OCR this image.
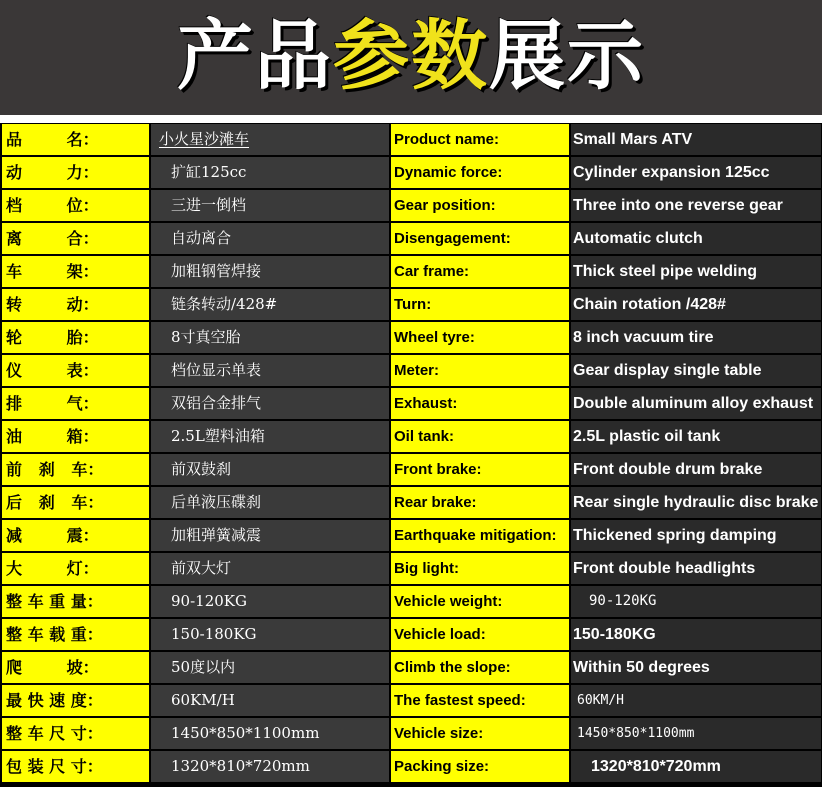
产品参数展示
品        名：	小火星沙滩车	Product name:	Small Mars ATV
动        力：	扩缸125cc	Dynamic force:	Cylinder expansion 125cc
档        位：	三进一倒档	Gear position:	Three into one reverse gear
离        合：	自动离合	Disengagement:	Automatic clutch
车        架：	加粗钢管焊接	Car frame:	Thick steel pipe welding
转        动：	链条转动/428#	Turn:	Chain rotation /428#
轮        胎：	8寸真空胎	Wheel tyre:	8 inch vacuum tire
仪        表：	档位显示单表	Meter:	Gear display single table
排        气：	双铝合金排气	Exhaust:	Double aluminum alloy exhaust
油        箱：	2.5L塑料油箱	Oil tank:	2.5L plastic oil tank
前   刹   车：	前双鼓刹	Front brake:	Front double drum brake
后   刹   车：	后单液压碟刹	Rear brake:	Rear single hydraulic disc brake
减        震：	加粗弹簧减震	Earthquake mitigation:	Thickened spring damping
大        灯：	前双大灯	Big light:	Front double headlights
整 车 重 量：	90-120KG	Vehicle weight:	90-120KG
整 车 载 重：	150-180KG	Vehicle load:	150-180KG
爬        坡：	50度以内	Climb the slope:	Within 50 degrees
最 快 速 度：	60KM/H	The fastest speed:	60KM/H
整 车 尺 寸：	1450*850*1100mm	Vehicle size:	1450*850*1100mm
包 装 尺 寸：	1320*810*720mm	Packing size:	1320*810*720mm
